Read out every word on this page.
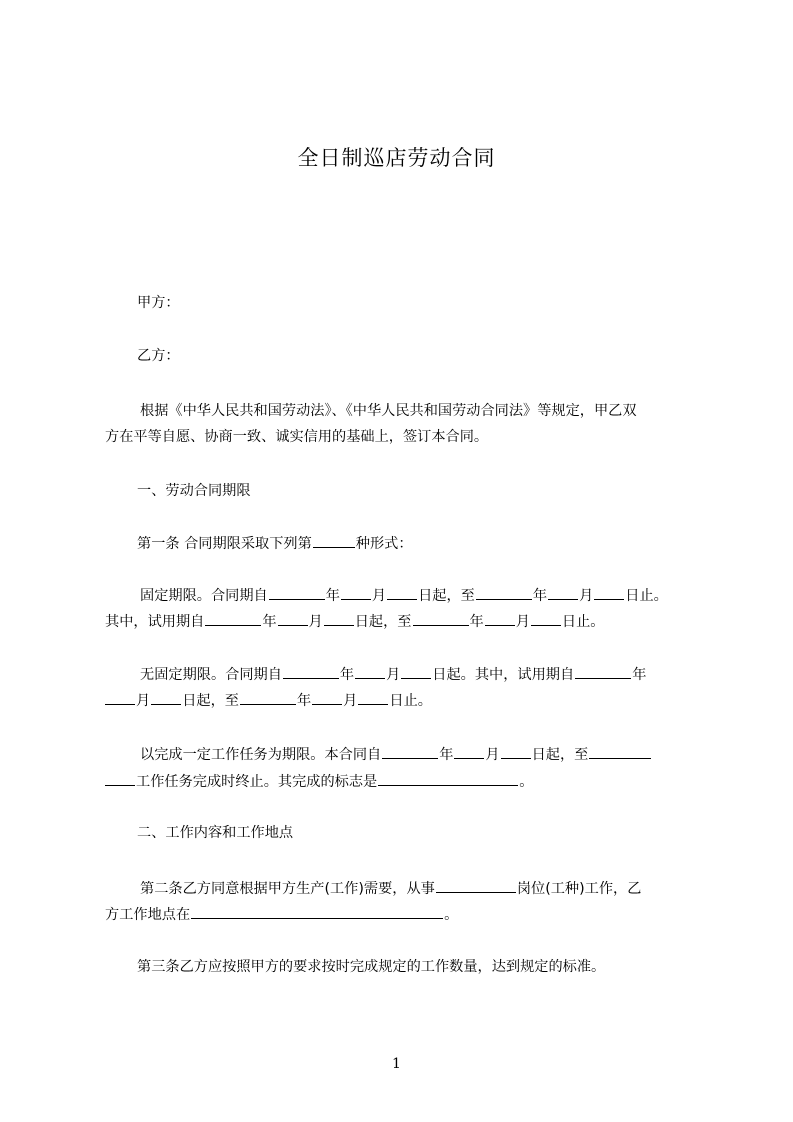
全日制巡店劳动合同
甲方：
乙方：
根据《中华人民共和国劳动法》、《中华人民共和国劳动合同法》等规定，甲乙双
方在平等自愿、协商一致、诚实信用的基础上，签订本合同。
一、劳动合同期限
第一条 合同期限采取下列第	种形式：
固定期限。合同期自	年 月 日起，至	年 月 日止。
其中，试用期自	年 月 日起，至	年 月 日止。
无固定期限。合同期自	年 月 日起。其中，试用期自	年
月 日起，至	年 月 日止。
以完成一定工作任务为期限。本合同自	年 月 日起，至
工作任务完成时终止。其完成的标志是	。
二、工作内容和工作地点
第二条乙方同意根据甲方生产(工作)需要，从事	岗位(工种)工作，乙
方工作地点在	。
第三条乙方应按照甲方的要求按时完成规定的工作数量，达到规定的标准。
1
